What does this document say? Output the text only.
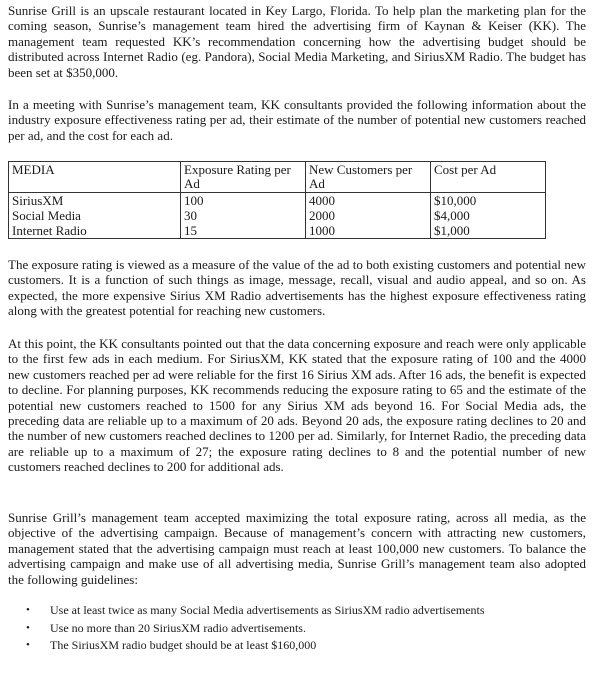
Sunrise Grill is an upscale restaurant located in Key Largo, Florida. To help plan the marketing plan for the coming season, Sunrise’s management team hired the advertising firm of Kaynan & Keiser (KK). The management team requested KK’s recommendation concerning how the advertising budget should be distributed across Internet Radio (eg. Pandora), Social Media Marketing, and SiriusXM Radio. The budget has been set at $350,000.

In a meeting with Sunrise’s management team, KK consultants provided the following information about the industry exposure effectiveness rating per ad, their estimate of the number of potential new customers reached per ad, and the cost for each ad.

MEDIA	Exposure Rating per Ad	New Customers per Ad	Cost per Ad
SiriusXM	100	4000	$10,000
Social Media	30	2000	$4,000
Internet Radio	15	1000	$1,000

The exposure rating is viewed as a measure of the value of the ad to both existing customers and potential new customers. It is a function of such things as image, message, recall, visual and audio appeal, and so on. As expected, the more expensive Sirius XM Radio advertisements has the highest exposure effectiveness rating along with the greatest potential for reaching new customers.

At this point, the KK consultants pointed out that the data concerning exposure and reach were only applicable to the first few ads in each medium. For SiriusXM, KK stated that the exposure rating of 100 and the 4000 new customers reached per ad were reliable for the first 16 Sirius XM ads. After 16 ads, the benefit is expected to decline. For planning purposes, KK recommends reducing the exposure rating to 65 and the estimate of the potential new customers reached to 1500 for any Sirius XM ads beyond 16. For Social Media ads, the preceding data are reliable up to a maximum of 20 ads. Beyond 20 ads, the exposure rating declines to 20 and the number of new customers reached declines to 1200 per ad. Similarly, for Internet Radio, the preceding data are reliable up to a maximum of 27; the exposure rating declines to 8 and the potential number of new customers reached declines to 200 for additional ads.

Sunrise Grill’s management team accepted maximizing the total exposure rating, across all media, as the objective of the advertising campaign. Because of management’s concern with attracting new customers, management stated that the advertising campaign must reach at least 100,000 new customers. To balance the advertising campaign and make use of all advertising media, Sunrise Grill’s management team also adopted the following guidelines:

• Use at least twice as many Social Media advertisements as SiriusXM radio advertisements
• Use no more than 20 SiriusXM radio advertisements.
• The SiriusXM radio budget should be at least $160,000
